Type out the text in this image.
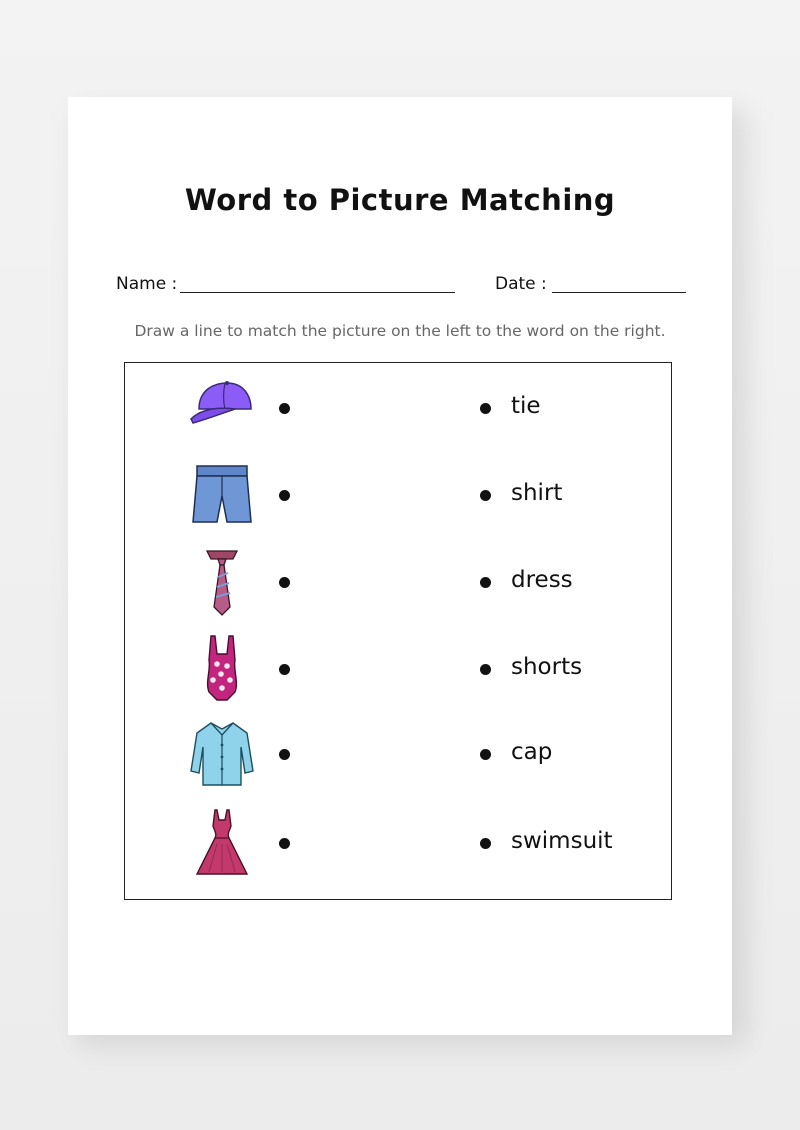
Word to Picture Matching
Name :	Date :
Draw a line to match the picture on the left to the word on the right.
tie
shirt
dress
shorts
cap
swimsuit
